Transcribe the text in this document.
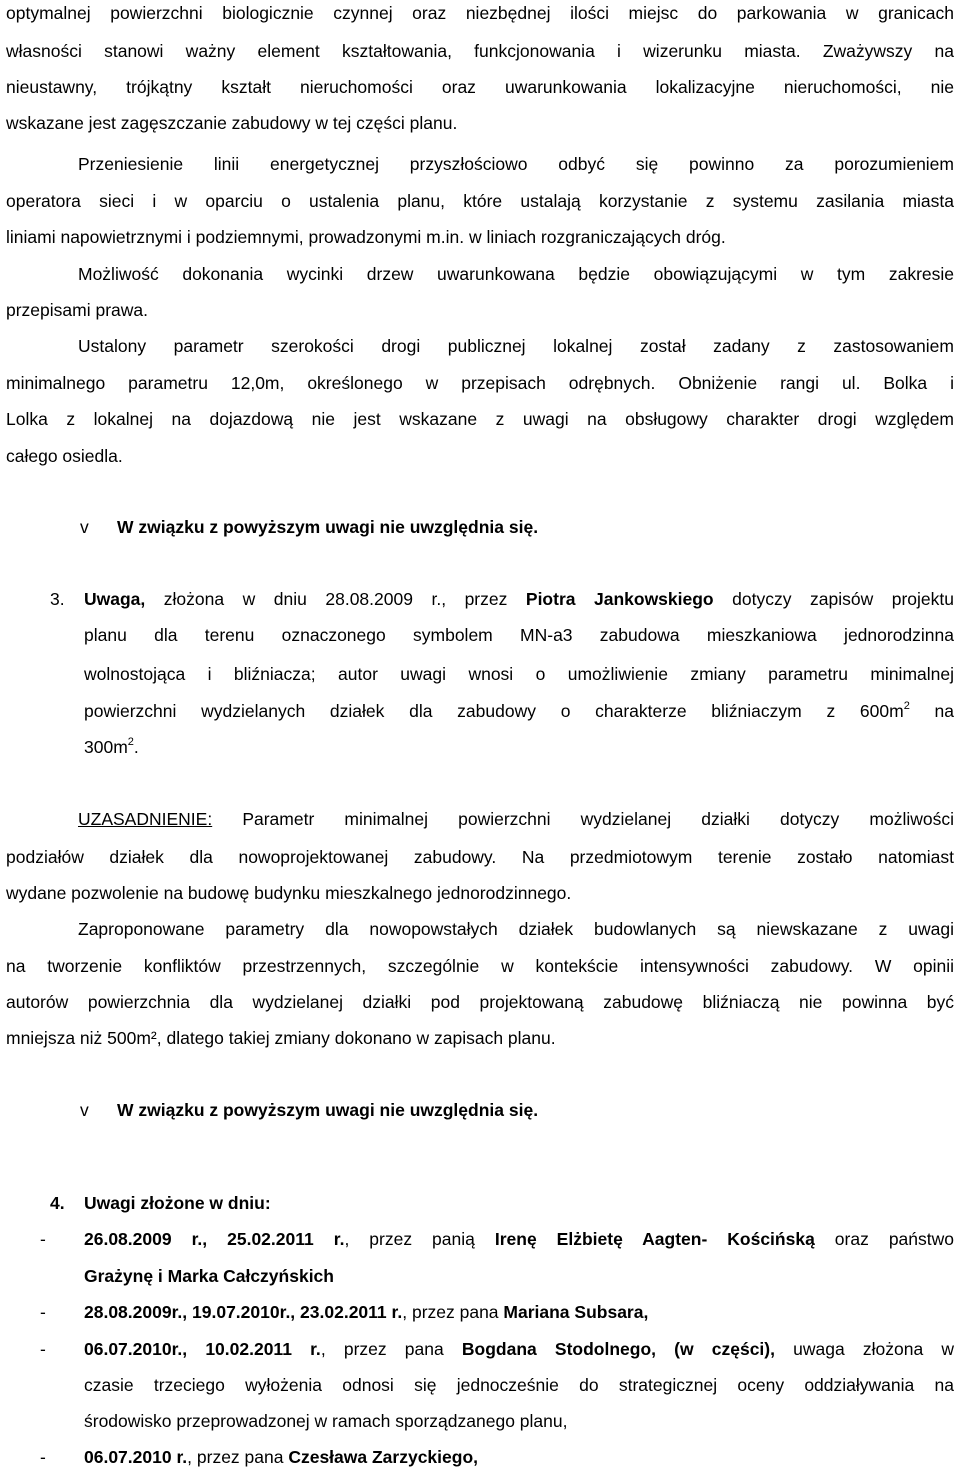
optymalnej powierzchni biologicznie czynnej oraz niezbędnej ilości miejsc do parkowania w granicach
własności stanowi ważny element kształtowania, funkcjonowania i wizerunku miasta. Zważywszy na
nieustawny, trójkątny kształt nieruchomości oraz uwarunkowania lokalizacyjne nieruchomości, nie
wskazane jest zagęszczanie zabudowy w tej części planu.
Przeniesienie linii energetycznej przyszłościowo odbyć się powinno za porozumieniem
operatora sieci i w oparciu o ustalenia planu, które ustalają korzystanie z systemu zasilania miasta
liniami napowietrznymi i podziemnymi, prowadzonymi m.in. w liniach rozgraniczających dróg.
Możliwość dokonania wycinki drzew uwarunkowana będzie obowiązującymi w tym zakresie
przepisami prawa.
Ustalony parametr szerokości drogi publicznej lokalnej został zadany z zastosowaniem
minimalnego parametru 12,0m, określonego w przepisach odrębnych. Obniżenie rangi ul. Bolka i
Lolka z lokalnej na dojazdową nie jest wskazane z uwagi na obsługowy charakter drogi względem
całego osiedla.
v W związku z powyższym uwagi nie uwzględnia się.
3. Uwaga, złożona w dniu 28.08.2009 r., przez Piotra Jankowskiego dotyczy zapisów projektu
planu dla terenu oznaczonego symbolem MN-a3 zabudowa mieszkaniowa jednorodzinna
wolnostojąca i bliźniacza; autor uwagi wnosi o umożliwienie zmiany parametru minimalnej
powierzchni wydzielanych działek dla zabudowy o charakterze bliźniaczym z $600m^2$ na
$300m^2$.
UZASADNIENIE: Parametr minimalnej powierzchni wydzielanej działki dotyczy możliwości
podziałów działek dla nowoprojektowanej zabudowy. Na przedmiotowym terenie zostało natomiast
wydane pozwolenie na budowę budynku mieszkalnego jednorodzinnego.
Zaproponowane parametry dla nowopowstałych działek budowlanych są niewskazane z uwagi
na tworzenie konfliktów przestrzennych, szczególnie w kontekście intensywności zabudowy. W opinii
autorów powierzchnia dla wydzielanej działki pod projektowaną zabudowę bliźniaczą nie powinna być
mniejsza niż 500m², dlatego takiej zmiany dokonano w zapisach planu.
v W związku z powyższym uwagi nie uwzględnia się.
4. Uwagi złożone w dniu:
- 26.08.2009 r., 25.02.2011 r., przez panią Irenę Elżbietę Aagten- Kościńską oraz państwo
Grażynę i Marka Całczyńskich
- 28.08.2009r., 19.07.2010r., 23.02.2011 r., przez pana Mariana Subsara,
- 06.07.2010r., 10.02.2011 r., przez pana Bogdana Stodolnego, (w części), uwaga złożona w
czasie trzeciego wyłożenia odnosi się jednocześnie do strategicznej oceny oddziaływania na
środowisko przeprowadzonej w ramach sporządzanego planu,
- 06.07.2010 r., przez pana Czesława Zarzyckiego,
